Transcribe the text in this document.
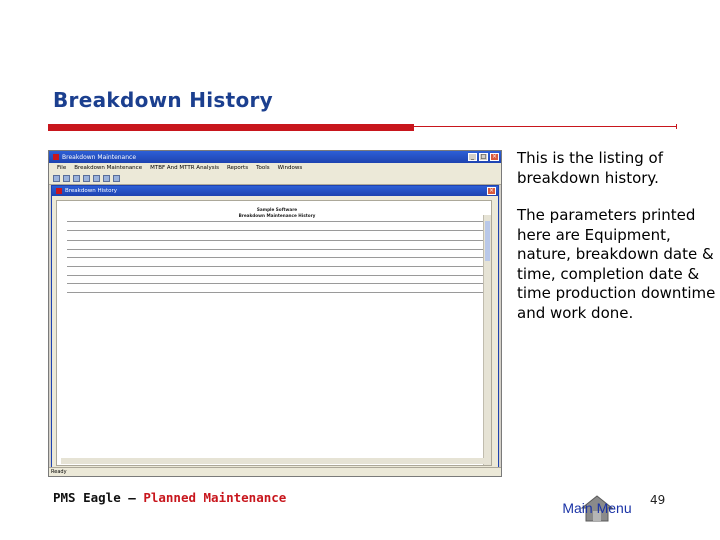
Breakdown History
Breakdown Maintenance	_	□ ×
File Breakdown Maintenance MTBF And MTTR Analysis Reports Tools Windows
Breakdown History	×
Sample Software
Breakdown Maintenance History
Ready
This is the listing of breakdown history.
The parameters printed here are Equipment, nature, breakdown date & time, completion date & time production downtime and work done.
PMS Eagle – Planned Maintenance
Main Menu	49
